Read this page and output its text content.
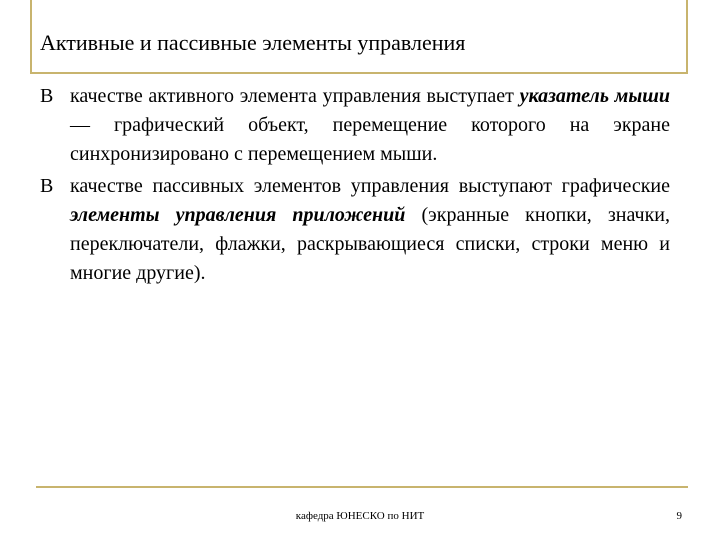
Активные и пассивные элементы управления

В качестве активного элемента управления выступает указатель мыши — графический объект, перемещение которого на экране синхронизировано с перемещением мыши.

В качестве пассивных элементов управления выступают графические элементы управления приложений (экранные кнопки, значки, переключатели, флажки, раскрывающиеся списки, строки меню и многие другие).

кафедра ЮНЕСКО по НИТ	9
